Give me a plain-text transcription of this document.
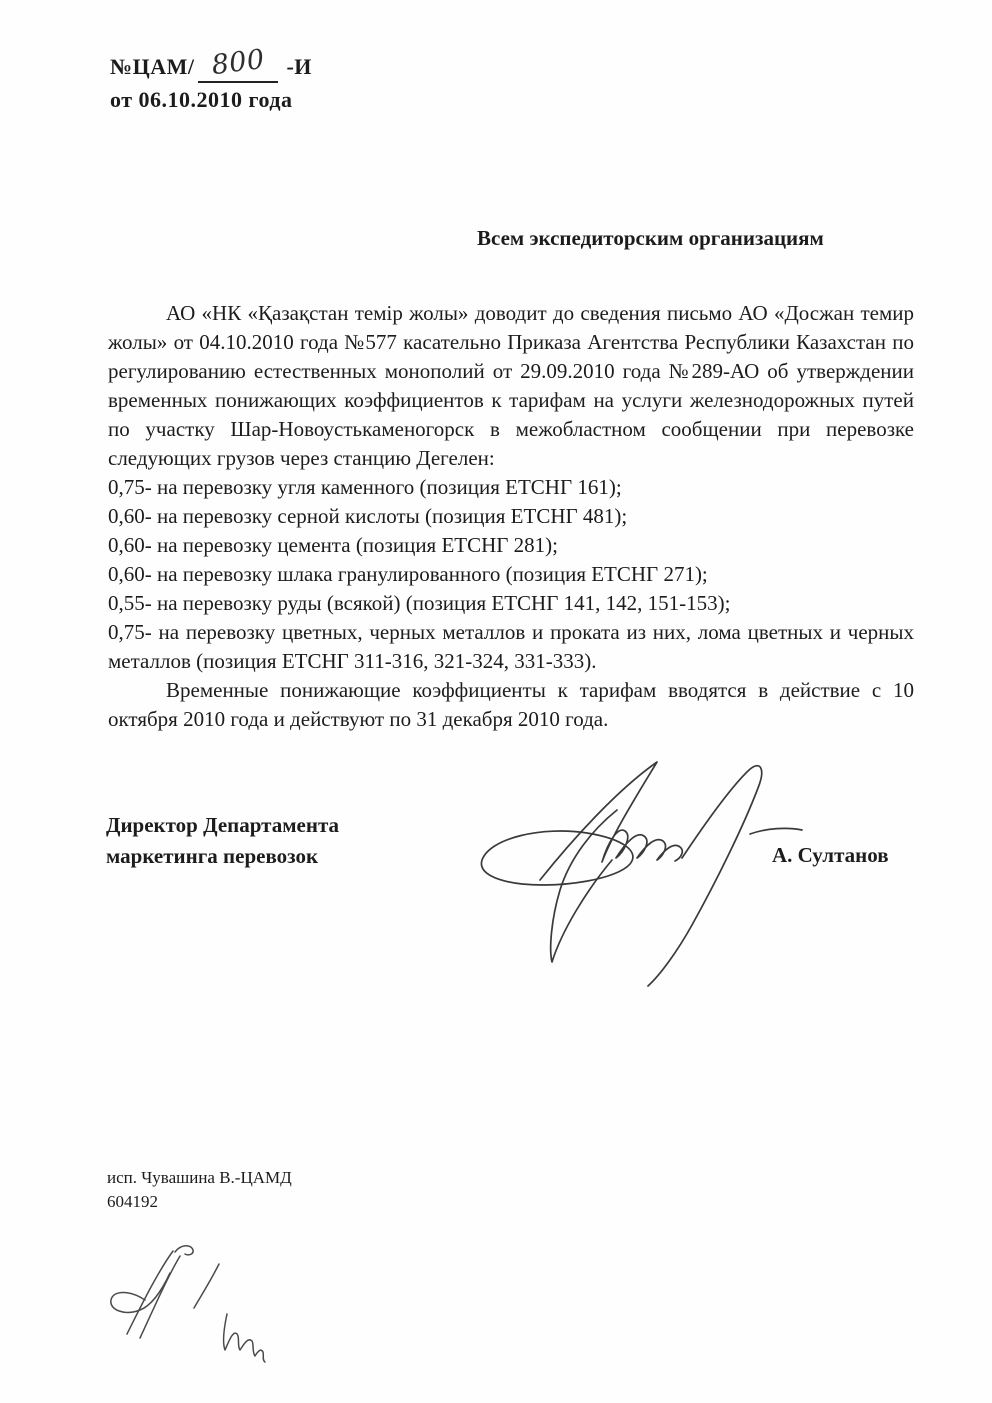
№ЦАМ/ 800 -И
от 06.10.2010 года
Всем экспедиторским организациям

АО «НК «Қазақстан темір жолы» доводит до сведения письмо АО «Досжан темир жолы» от 04.10.2010 года №577 касательно Приказа Агентства Республики Казахстан по регулированию естественных монополий от 29.09.2010 года №289-АО об утверждении временных понижающих коэффициентов к тарифам на услуги железнодорожных путей по участку Шар-Новоустькаменогорск в межобластном сообщении при перевозке следующих грузов через станцию Дегелен:

0,75- на перевозку угля каменного (позиция ЕТСНГ 161);
0,60- на перевозку серной кислоты (позиция ЕТСНГ 481);
0,60- на перевозку цемента (позиция ЕТСНГ 281);
0,60- на перевозку шлака гранулированного (позиция ЕТСНГ 271);
0,55- на перевозку руды (всякой) (позиция ЕТСНГ 141, 142, 151-153);
0,75- на перевозку цветных, черных металлов и проката из них, лома цветных и черных металлов (позиция ЕТСНГ 311-316, 321-324, 331-333).

Временные понижающие коэффициенты к тарифам вводятся в действие с 10 октября 2010 года и действуют по 31 декабря 2010 года.

Директор Департамента
маркетинга перевозок	А. Султанов
исп. Чувашина В.-ЦАМД
604192
